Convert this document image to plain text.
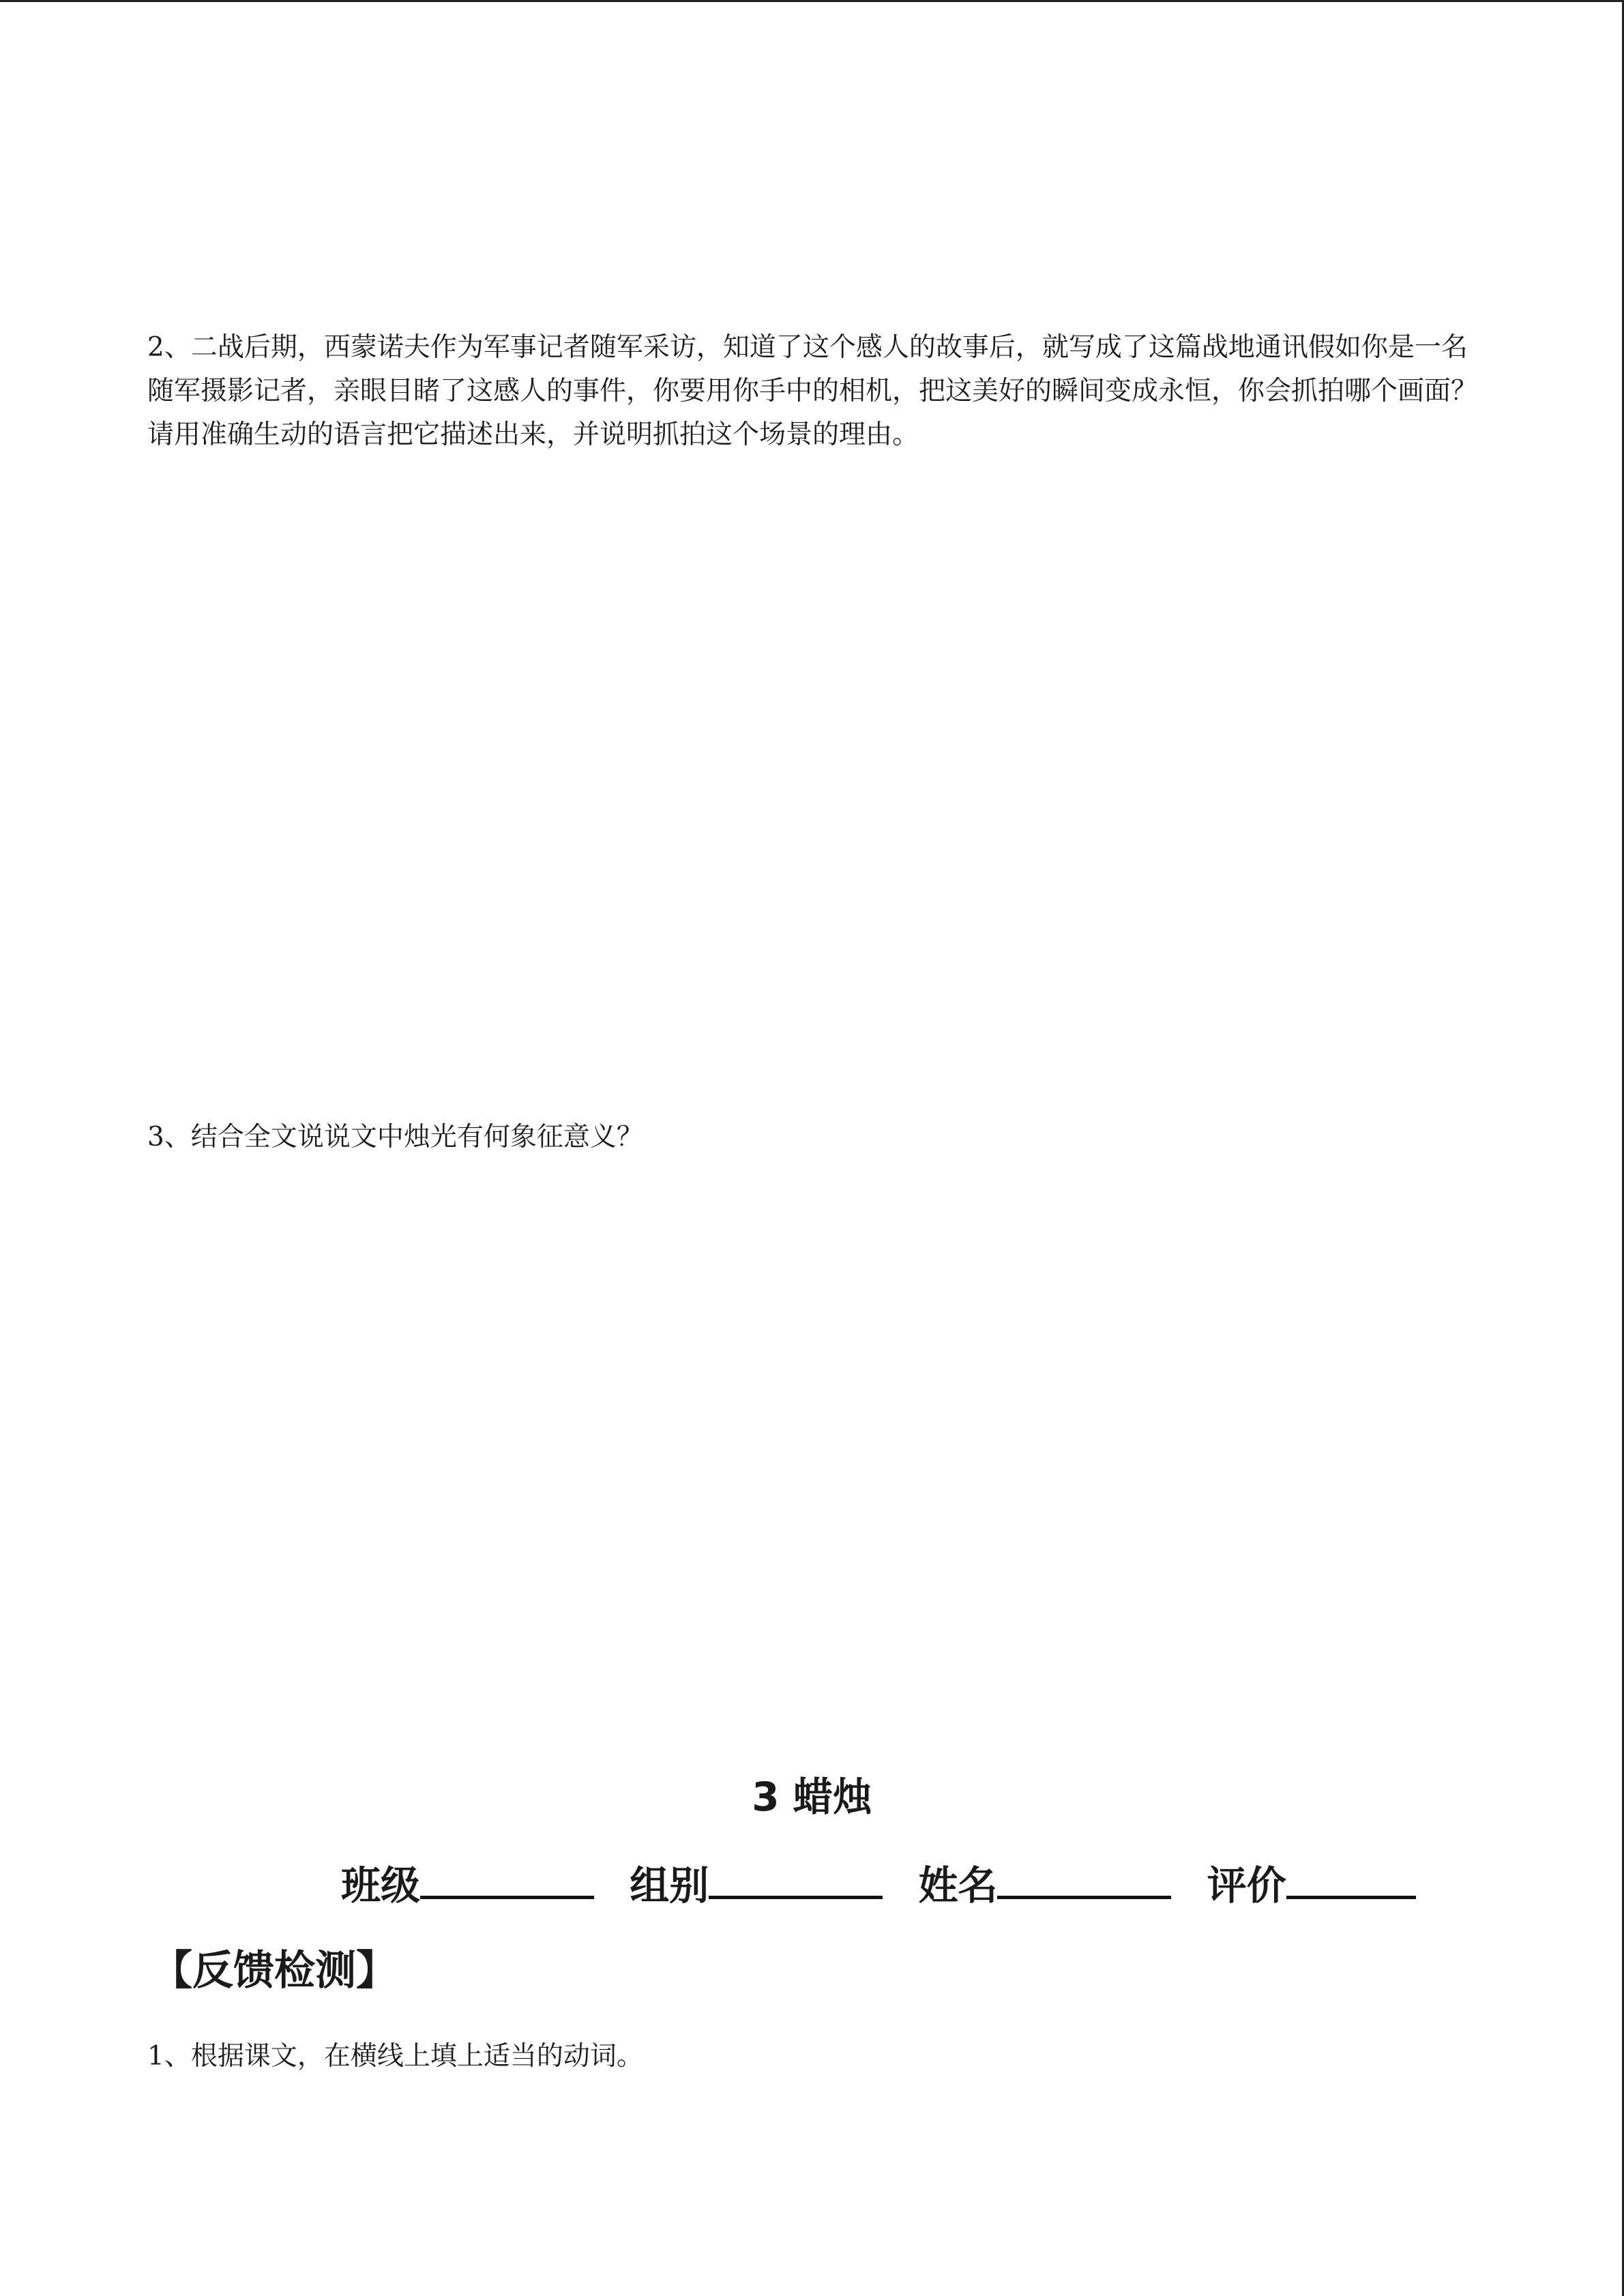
2、二战后期，西蒙诺夫作为军事记者随军采访，知道了这个感人的故事后，就写成了这篇战地通讯假如你是一名随军摄影记者，亲眼目睹了这感人的事件，你要用你手中的相机，把这美好的瞬间变成永恒，你会抓拍哪个画面？请用准确生动的语言把它描述出来，并说明抓拍这个场景的理由。

3、结合全文说说文中烛光有何象征意义？

3 蜡烛
班级	组别	姓名	评价
【反馈检测】

1、根据课文，在横线上填上适当的动词。
